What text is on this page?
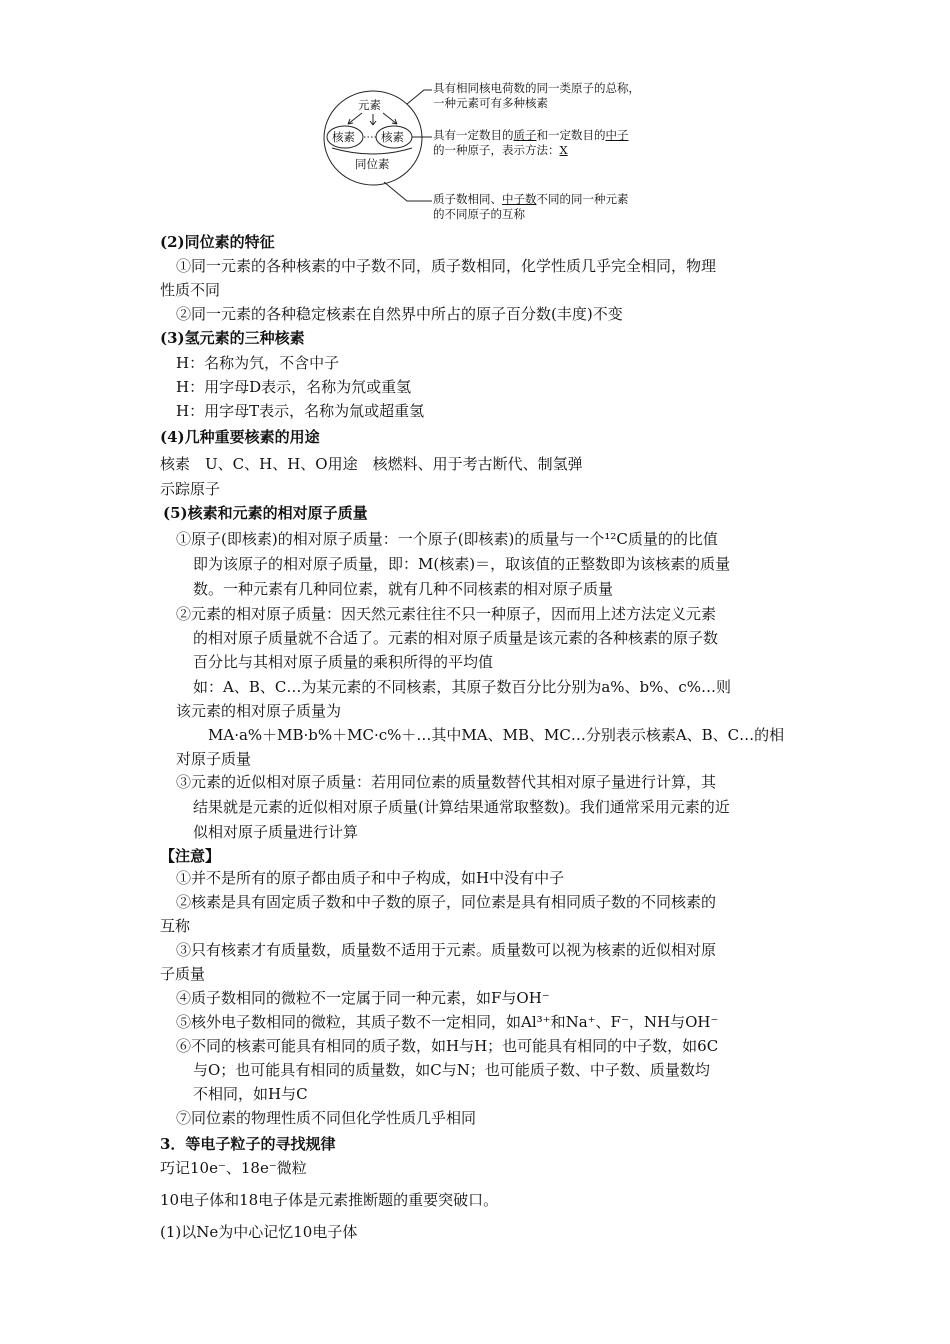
元素
核素 核素
同位素
具有相同核电荷数的同一类原子的总称，
一种元素可有多种核素
具有一定数目的质子和一定数目的中子
的一种原子，表示方法：X
质子数相同、中子数不同的同一种元素
的不同原子的互称
(2)同位素的特征
①同一元素的各种核素的中子数不同，质子数相同，化学性质几乎完全相同，物理
性质不同
②同一元素的各种稳定核素在自然界中所占的原子百分数(丰度)不变
(3)氢元素的三种核素
H：名称为氕，不含中子
H：用字母D表示，名称为氘或重氢
H：用字母T表示，名称为氚或超重氢
(4)几种重要核素的用途
核素　U、C、H、H、O用途　核燃料、用于考古断代、制氢弹
示踪原子
(5)核素和元素的相对原子质量
①原子(即核素)的相对原子质量：一个原子(即核素)的质量与一个¹²C质量的的比值
即为该原子的相对原子质量，即：M(核素)＝，取该值的正整数即为该核素的质量
数。一种元素有几种同位素，就有几种不同核素的相对原子质量
②元素的相对原子质量：因天然元素往往不只一种原子，因而用上述方法定义元素
的相对原子质量就不合适了。元素的相对原子质量是该元素的各种核素的原子数
百分比与其相对原子质量的乘积所得的平均值
如：A、B、C…为某元素的不同核素，其原子数百分比分别为a%、b%、c%…则
该元素的相对原子质量为
MA·a%＋MB·b%＋MC·c%＋…其中MA、MB、MC…分别表示核素A、B、C…的相
对原子质量
③元素的近似相对原子质量：若用同位素的质量数替代其相对原子量进行计算，其
结果就是元素的近似相对原子质量(计算结果通常取整数)。我们通常采用元素的近
似相对原子质量进行计算
【注意】
①并不是所有的原子都由质子和中子构成，如H中没有中子
②核素是具有固定质子数和中子数的原子，同位素是具有相同质子数的不同核素的
互称
③只有核素才有质量数，质量数不适用于元素。质量数可以视为核素的近似相对原
子质量
④质子数相同的微粒不一定属于同一种元素，如F与OH⁻
⑤核外电子数相同的微粒，其质子数不一定相同，如Al³⁺和Na⁺、F⁻，NH与OH⁻
⑥不同的核素可能具有相同的质子数，如H与H；也可能具有相同的中子数，如6C
与O；也可能具有相同的质量数，如C与N；也可能质子数、中子数、质量数均
不相同，如H与C
⑦同位素的物理性质不同但化学性质几乎相同
3．等电子粒子的寻找规律
巧记10e⁻、18e⁻微粒
10电子体和18电子体是元素推断题的重要突破口。
(1)以Ne为中心记忆10电子体
